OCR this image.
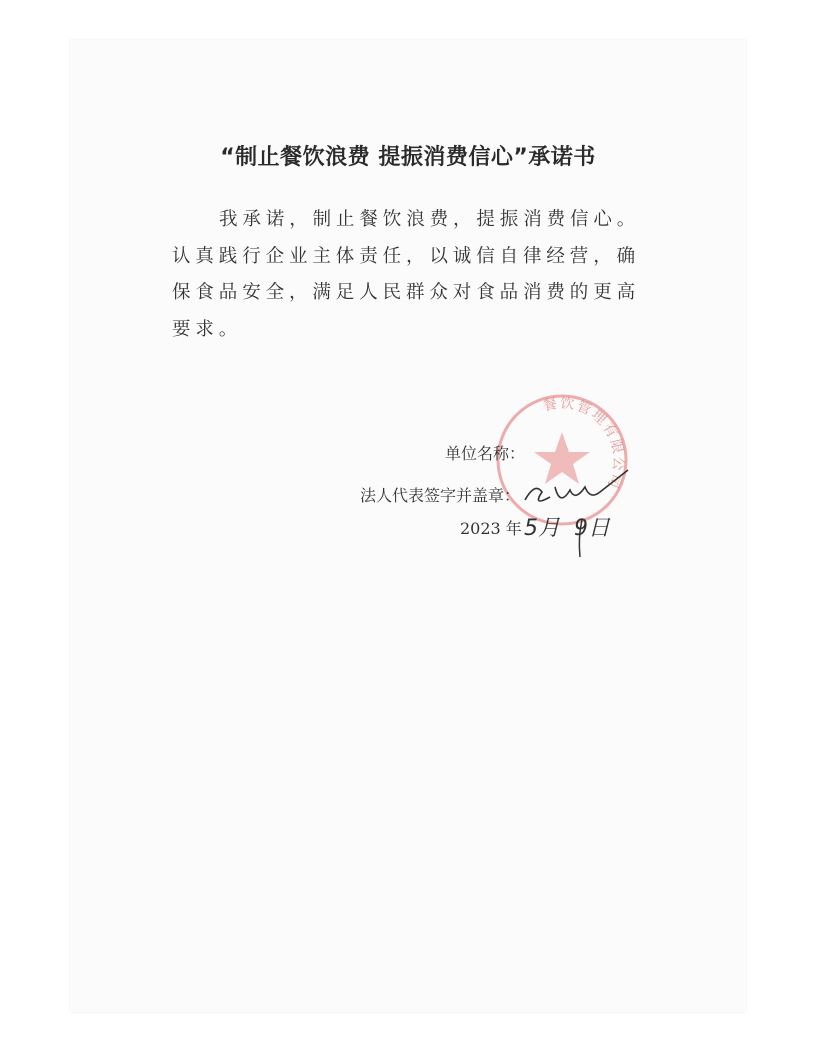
“制止餐饮浪费 提振消费信心”承诺书
我承诺，制止餐饮浪费，提振消费信心。认真践行企业主体责任，以诚信自律经营，确保食品安全，满足人民群众对食品消费的更高要求。
餐饮管理有限公司
单位名称：
法人代表签字并盖章：
2023 年 5月 9日
